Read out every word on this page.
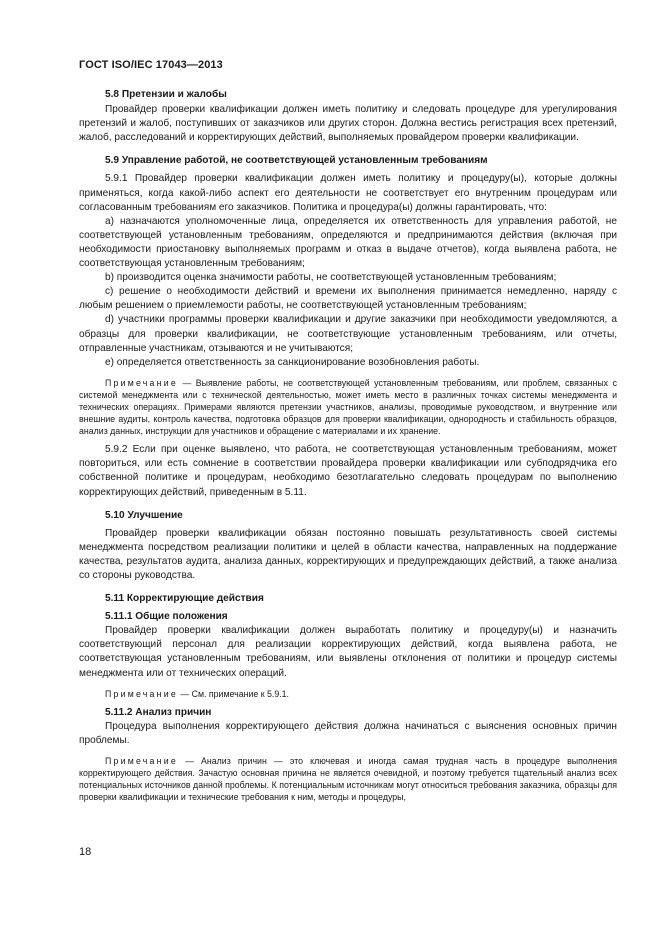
ГОСТ ISO/IEC 17043—2013

5.8 Претензии и жалобы

Провайдер проверки квалификации должен иметь политику и следовать процедуре для урегулирования претензий и жалоб, поступивших от заказчиков или других сторон. Должна вестись регистрация всех претензий, жалоб, расследований и корректирующих действий, выполняемых провайдером проверки квалификации.

5.9 Управление работой, не соответствующей установленным требованиям

5.9.1 Провайдер проверки квалификации должен иметь политику и процедуру(ы), которые должны применяться, когда какой-либо аспект его деятельности не соответствует его внутренним процедурам или согласованным требованиям его заказчиков. Политика и процедура(ы) должны гарантировать, что:

а) назначаются уполномоченные лица, определяется их ответственность для управления работой, не соответствующей установленным требованиям, определяются и предпринимаются действия (включая при необходимости приостановку выполняемых программ и отказ в выдаче отчетов), когда выявлена работа, не соответствующая установленным требованиям;

b) производится оценка значимости работы, не соответствующей установленным требованиям;

c) решение о необходимости действий и времени их выполнения принимается немедленно, наряду с любым решением о приемлемости работы, не соответствующей установленным требованиям;

d) участники программы проверки квалификации и другие заказчики при необходимости уведомляются, а образцы для проверки квалификации, не соответствующие установленным требованиям, или отчеты, отправленные участникам, отзываются и не учитываются;

e) определяется ответственность за санкционирование возобновления работы.

Примечание — Выявление работы, не соответствующей установленным требованиям, или проблем, связанных с системой менеджмента или с технической деятельностью, может иметь место в различных точках системы менеджмента и технических операциях. Примерами являются претензии участников, анализы, проводимые руководством, и внутренние или внешние аудиты, контроль качества, подготовка образцов для проверки квалификации, однородность и стабильность образцов, анализ данных, инструкции для участников и обращение с материалами и их хранение.

5.9.2 Если при оценке выявлено, что работа, не соответствующая установленным требованиям, может повториться, или есть сомнение в соответствии провайдера проверки квалификации или субподрядчика его собственной политике и процедурам, необходимо безотлагательно следовать процедурам по выполнению корректирующих действий, приведенным в 5.11.

5.10 Улучшение

Провайдер проверки квалификации обязан постоянно повышать результативность своей системы менеджмента посредством реализации политики и целей в области качества, направленных на поддержание качества, результатов аудита, анализа данных, корректирующих и предупреждающих действий, а также анализа со стороны руководства.

5.11 Корректирующие действия

5.11.1 Общие положения

Провайдер проверки квалификации должен выработать политику и процедуру(ы) и назначить соответствующий персонал для реализации корректирующих действий, когда выявлена работа, не соответствующая установленным требованиям, или выявлены отклонения от политики и процедур системы менеджмента или от технических операций.

Примечание — См. примечание к 5.9.1.

5.11.2 Анализ причин

Процедура выполнения корректирующего действия должна начинаться с выяснения основных причин проблемы.

Примечание — Анализ причин — это ключевая и иногда самая трудная часть в процедуре выполнения корректирующего действия. Зачастую основная причина не является очевидной, и поэтому требуется тщательный анализ всех потенциальных источников данной проблемы. К потенциальным источникам могут относиться требования заказчика, образцы для проверки квалификации и технические требования к ним, методы и процедуры,

18
